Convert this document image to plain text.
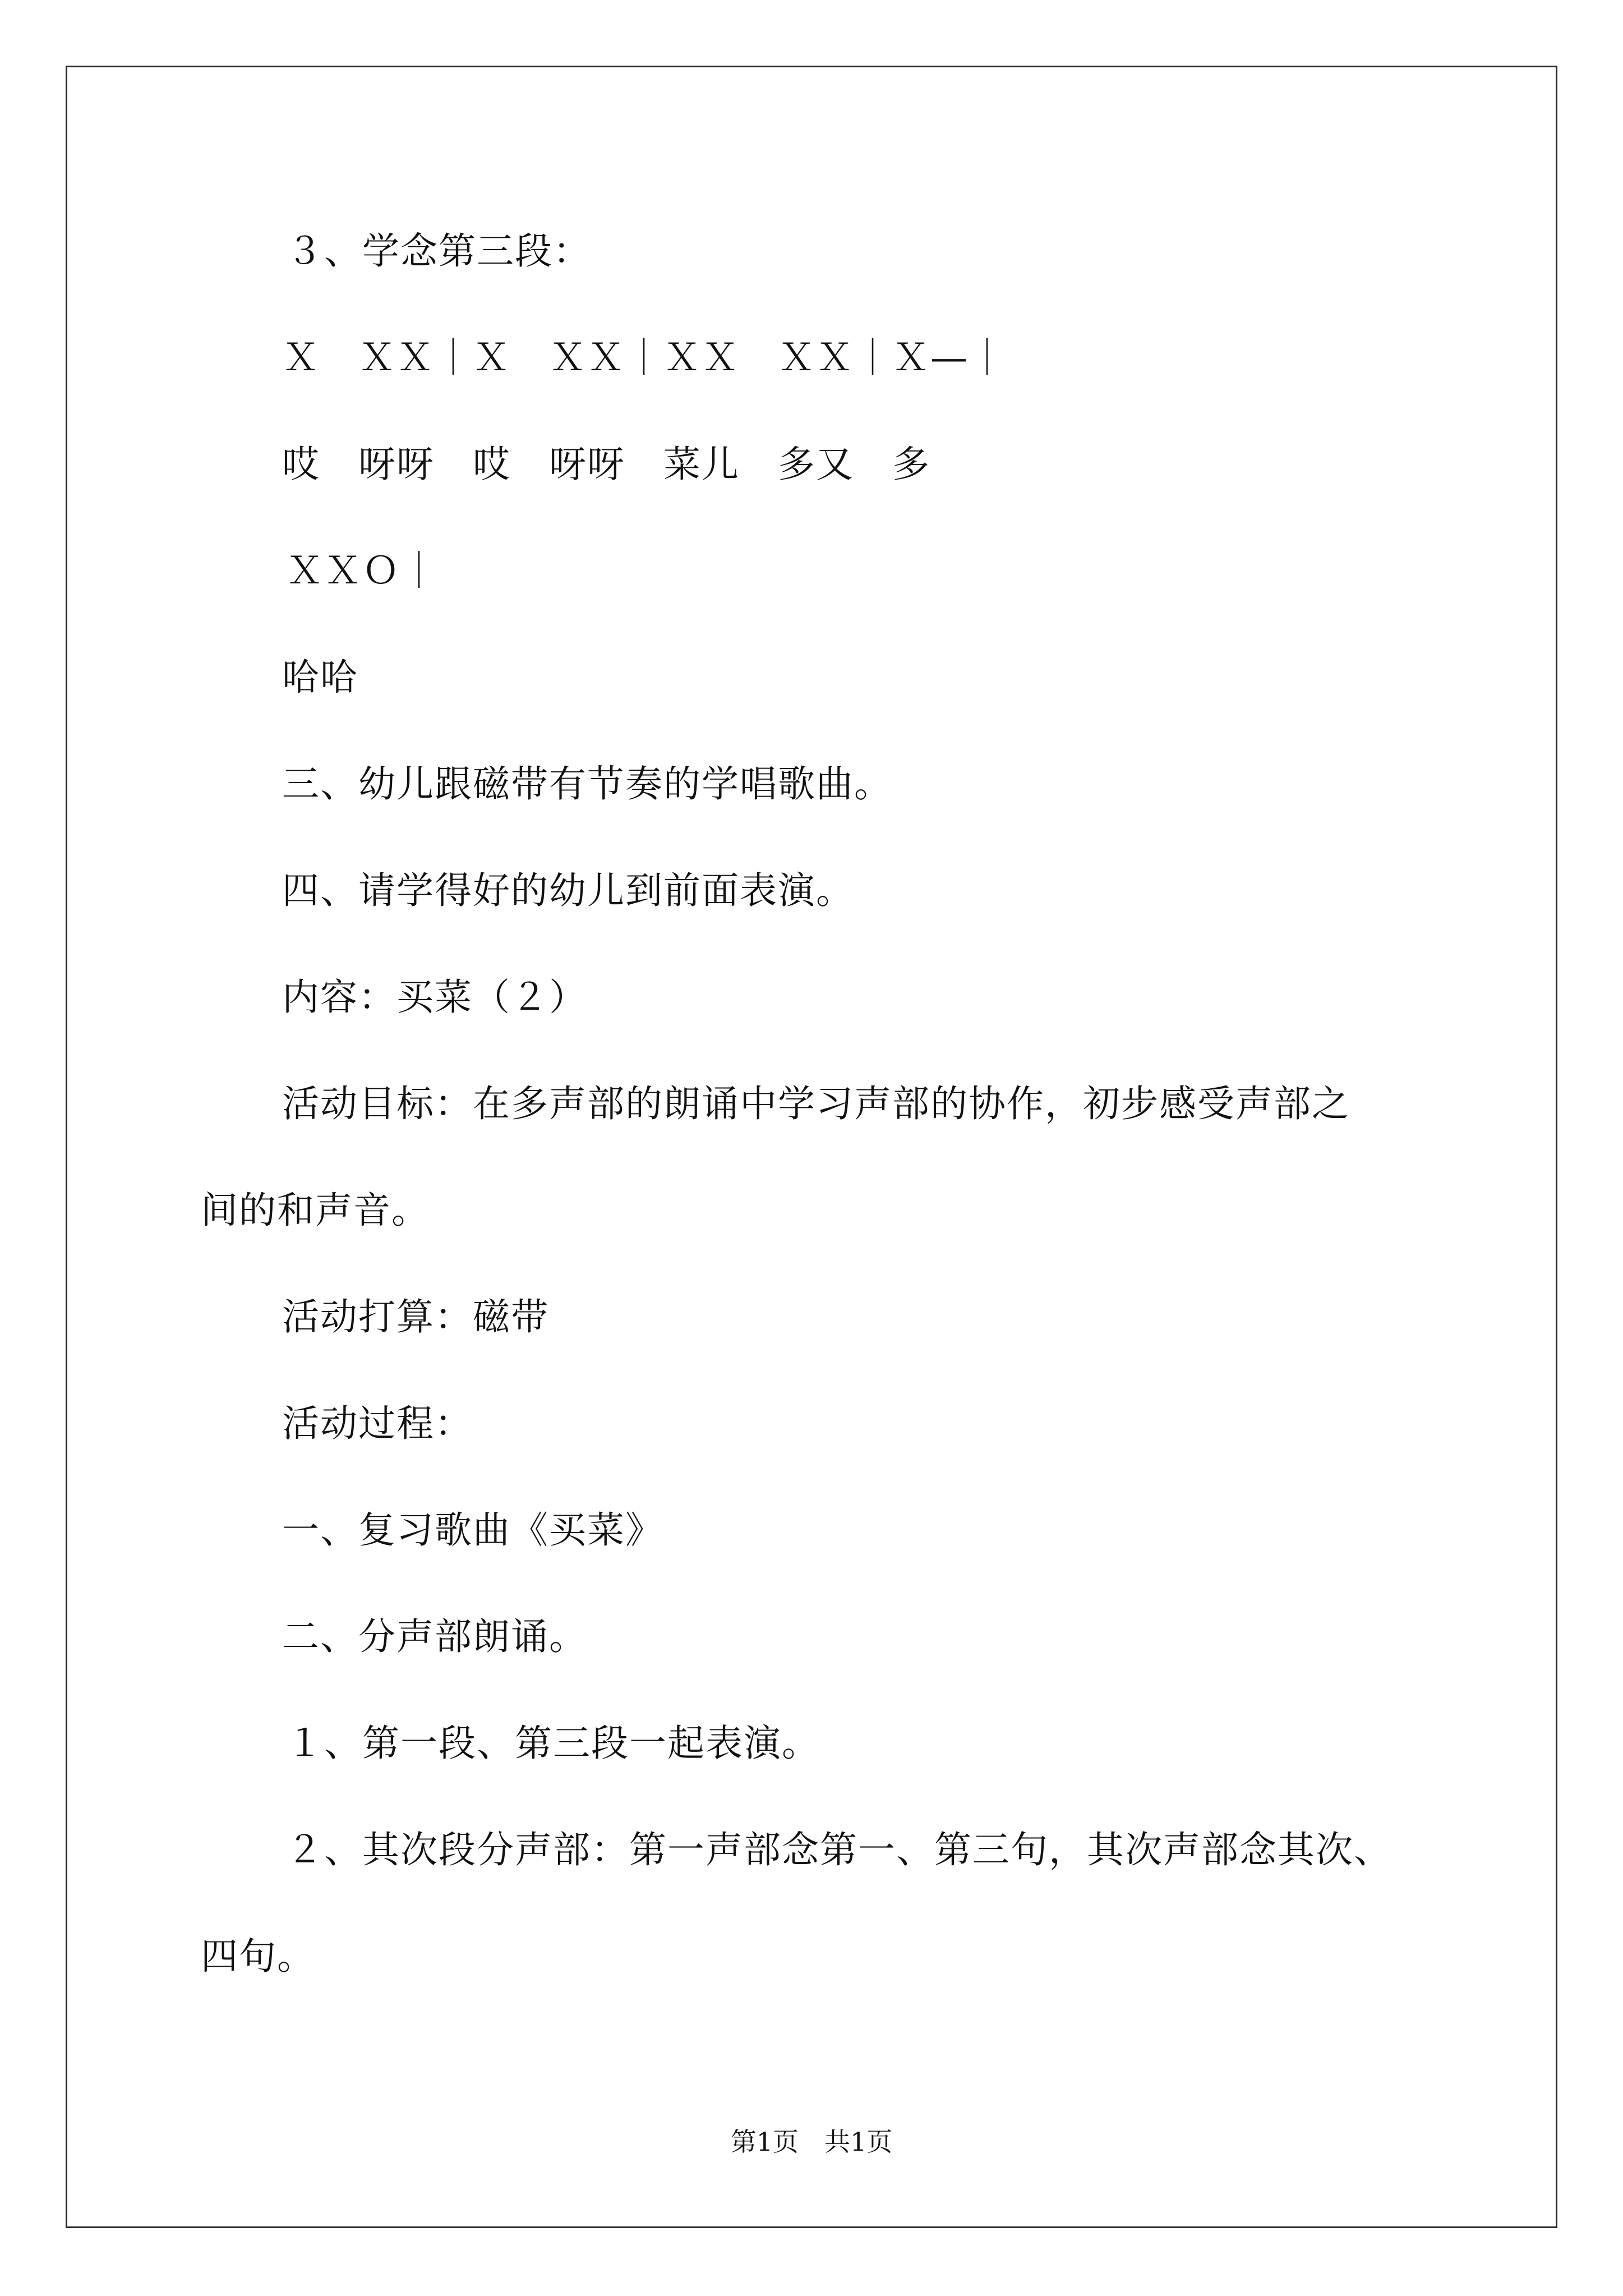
３、学念第三段：
Ｘ　ＸＸ｜Ｘ　ＸＸ｜ＸＸ　ＸＸ｜Ｘ—｜
哎　呀呀　哎　呀呀　菜儿　多又　多
ＸＸＯ｜
哈哈
三、幼儿跟磁带有节奏的学唱歌曲。
四、请学得好的幼儿到前面表演。
内容：买菜（２）
活动目标：在多声部的朗诵中学习声部的协作，初步感受声部之
间的和声音。
活动打算：磁带
活动过程：
一、复习歌曲《买菜》
二、分声部朗诵。
１、第一段、第三段一起表演。
２、其次段分声部：第一声部念第一、第三句，其次声部念其次、
四句。
第1页　共1页
